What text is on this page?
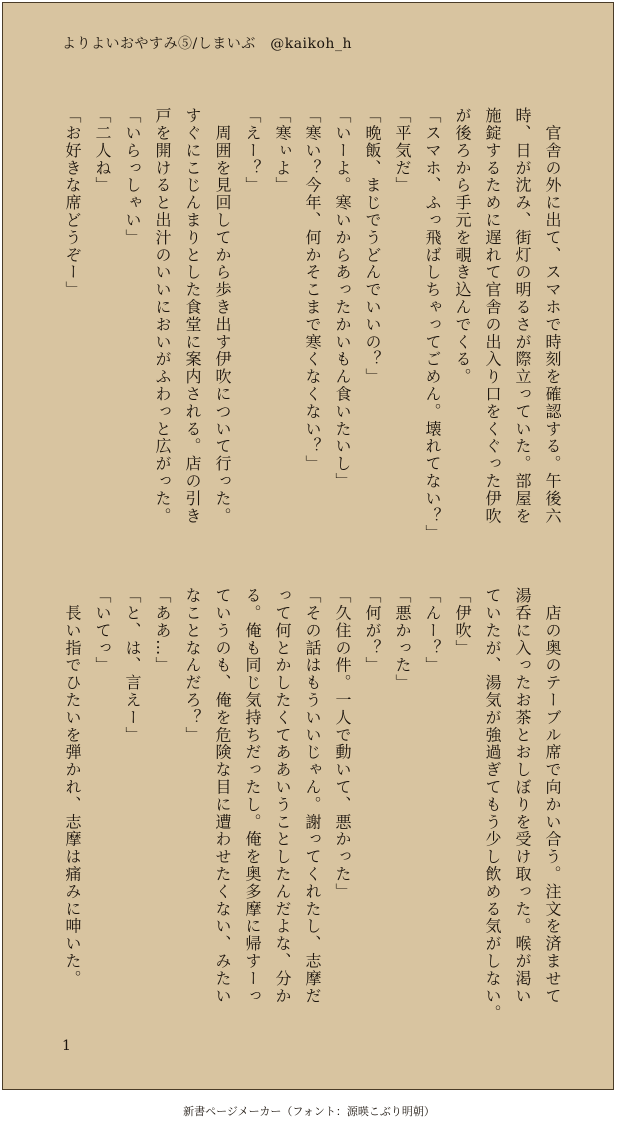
よりよいおやすみ⑤/しまいぶ　@kaikoh_h
　官舎の外に出て、スマホで時刻を確認する。午後六
時、日が沈み、街灯の明るさが際立っていた。部屋を
施錠するために遅れて官舎の出入り口をくぐった伊吹
が後ろから手元を覗き込んでくる。
「スマホ、ふっ飛ばしちゃってごめん。壊れてない？」
「平気だ」
「晩飯、まじでうどんでいいの？」
「いーよ。寒いからあったかいもん食いたいし」
「寒い？今年、何かそこまで寒くなくない？」
「寒ぃよ」
「えー？」
　周囲を見回してから歩き出す伊吹について行った。
すぐにこじんまりとした食堂に案内される。店の引き
戸を開けると出汁のいいにおいがふわっと広がった。
「いらっしゃい」
「二人ね」
「お好きな席どうぞー」
　店の奥のテーブル席で向かい合う。注文を済ませて
湯呑に入ったお茶とおしぼりを受け取った。喉が渇い
ていたが、湯気が強過ぎてもう少し飲める気がしない。
「伊吹」
「んー？」
「悪かった」
「何が？」
「久住の件。一人で動いて、悪かった」
「その話はもういいじゃん。謝ってくれたし、志摩だ
って何とかしたくてああいうことしたんだよな、分か
る。俺も同じ気持ちだったし。俺を奥多摩に帰すーっ
ていうのも、俺を危険な目に遭わせたくない、みたい
なことなんだろ？」
「ああ…」
「と、は、言えー」
「いてっ」
　長い指でひたいを弾かれ、志摩は痛みに呻いた。
1
新書ページメーカー（フォント：源暎こぶり明朝）
